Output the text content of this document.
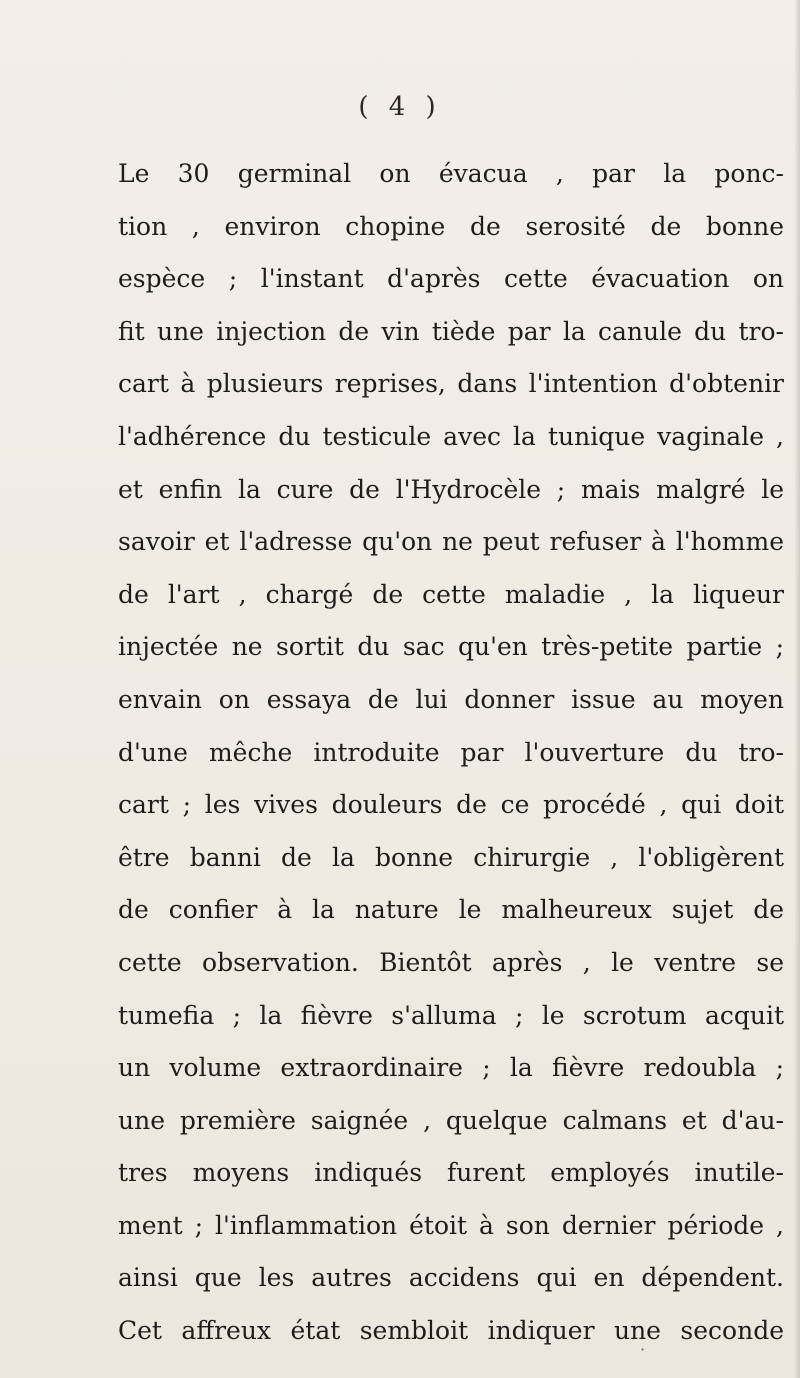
( 4 )
Le 30 germinal on évacua , par la ponc-
tion , environ chopine de serosité de bonne
espèce ; l'instant d'après cette évacuation on
fit une injection de vin tiède par la canule du tro-
cart à plusieurs reprises, dans l'intention d'obtenir
l'adhérence du testicule avec la tunique vaginale ,
et enfin la cure de l'Hydrocèle ; mais malgré le
savoir et l'adresse qu'on ne peut refuser à l'homme
de l'art , chargé de cette maladie , la liqueur
injectée ne sortit du sac qu'en très-petite partie ;
envain on essaya de lui donner issue au moyen
d'une mêche introduite par l'ouverture du tro-
cart ; les vives douleurs de ce procédé , qui doit
être banni de la bonne chirurgie , l'obligèrent
de confier à la nature le malheureux sujet de
cette observation. Bientôt après , le ventre se
tumefia ; la fièvre s'alluma ; le scrotum acquit
un volume extraordinaire ; la fièvre redoubla ;
une première saignée , quelque calmans et d'au-
tres moyens indiqués furent employés inutile-
ment ; l'inflammation étoit à son dernier période ,
ainsi que les autres accidens qui en dépendent.
Cet affreux état sembloit indiquer une seconde
·
